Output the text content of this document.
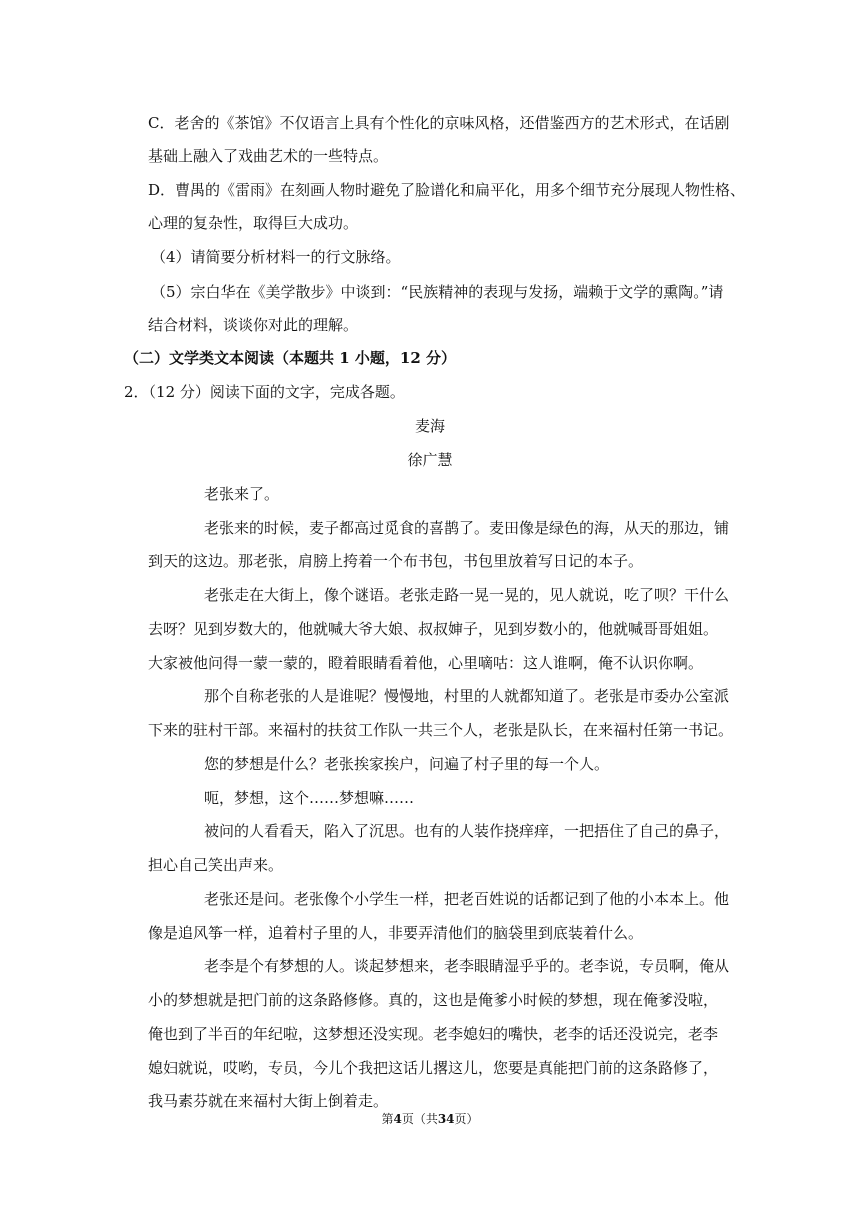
C．老舍的《茶馆》不仅语言上具有个性化的京味风格，还借鉴西方的艺术形式，在话剧
基础上融入了戏曲艺术的一些特点。
D．曹禺的《雷雨》在刻画人物时避免了脸谱化和扁平化，用多个细节充分展现人物性格、
心理的复杂性，取得巨大成功。
（4）请简要分析材料一的行文脉络。
（5）宗白华在《美学散步》中谈到：“民族精神的表现与发扬，端赖于文学的熏陶。”请
结合材料，谈谈你对此的理解。
（二）文学类文本阅读（本题共 1 小题，12 分）
2．（12 分）阅读下面的文字，完成各题。
麦海
徐广慧
老张来了。
老张来的时候，麦子都高过觅食的喜鹊了。麦田像是绿色的海，从天的那边，铺
到天的这边。那老张，肩膀上挎着一个布书包，书包里放着写日记的本子。
老张走在大街上，像个谜语。老张走路一晃一晃的，见人就说，吃了呗？干什么
去呀？见到岁数大的，他就喊大爷大娘、叔叔婶子，见到岁数小的，他就喊哥哥姐姐。
大家被他问得一蒙一蒙的，瞪着眼睛看着他，心里嘀咕：这人谁啊，俺不认识你啊。
那个自称老张的人是谁呢？慢慢地，村里的人就都知道了。老张是市委办公室派
下来的驻村干部。来福村的扶贫工作队一共三个人，老张是队长，在来福村任第一书记。
您的梦想是什么？老张挨家挨户，问遍了村子里的每一个人。
呃，梦想，这个……梦想嘛……
被问的人看看天，陷入了沉思。也有的人装作挠痒痒，一把捂住了自己的鼻子，
担心自己笑出声来。
老张还是问。老张像个小学生一样，把老百姓说的话都记到了他的小本本上。他
像是追风筝一样，追着村子里的人，非要弄清他们的脑袋里到底装着什么。
老李是个有梦想的人。谈起梦想来，老李眼睛湿乎乎的。老李说，专员啊，俺从
小的梦想就是把门前的这条路修修。真的，这也是俺爹小时候的梦想，现在俺爹没啦，
俺也到了半百的年纪啦，这梦想还没实现。老李媳妇的嘴快，老李的话还没说完，老李
媳妇就说，哎哟，专员，今儿个我把这话儿撂这儿，您要是真能把门前的这条路修了，
我马素芬就在来福村大街上倒着走。
第4页（共34页）
